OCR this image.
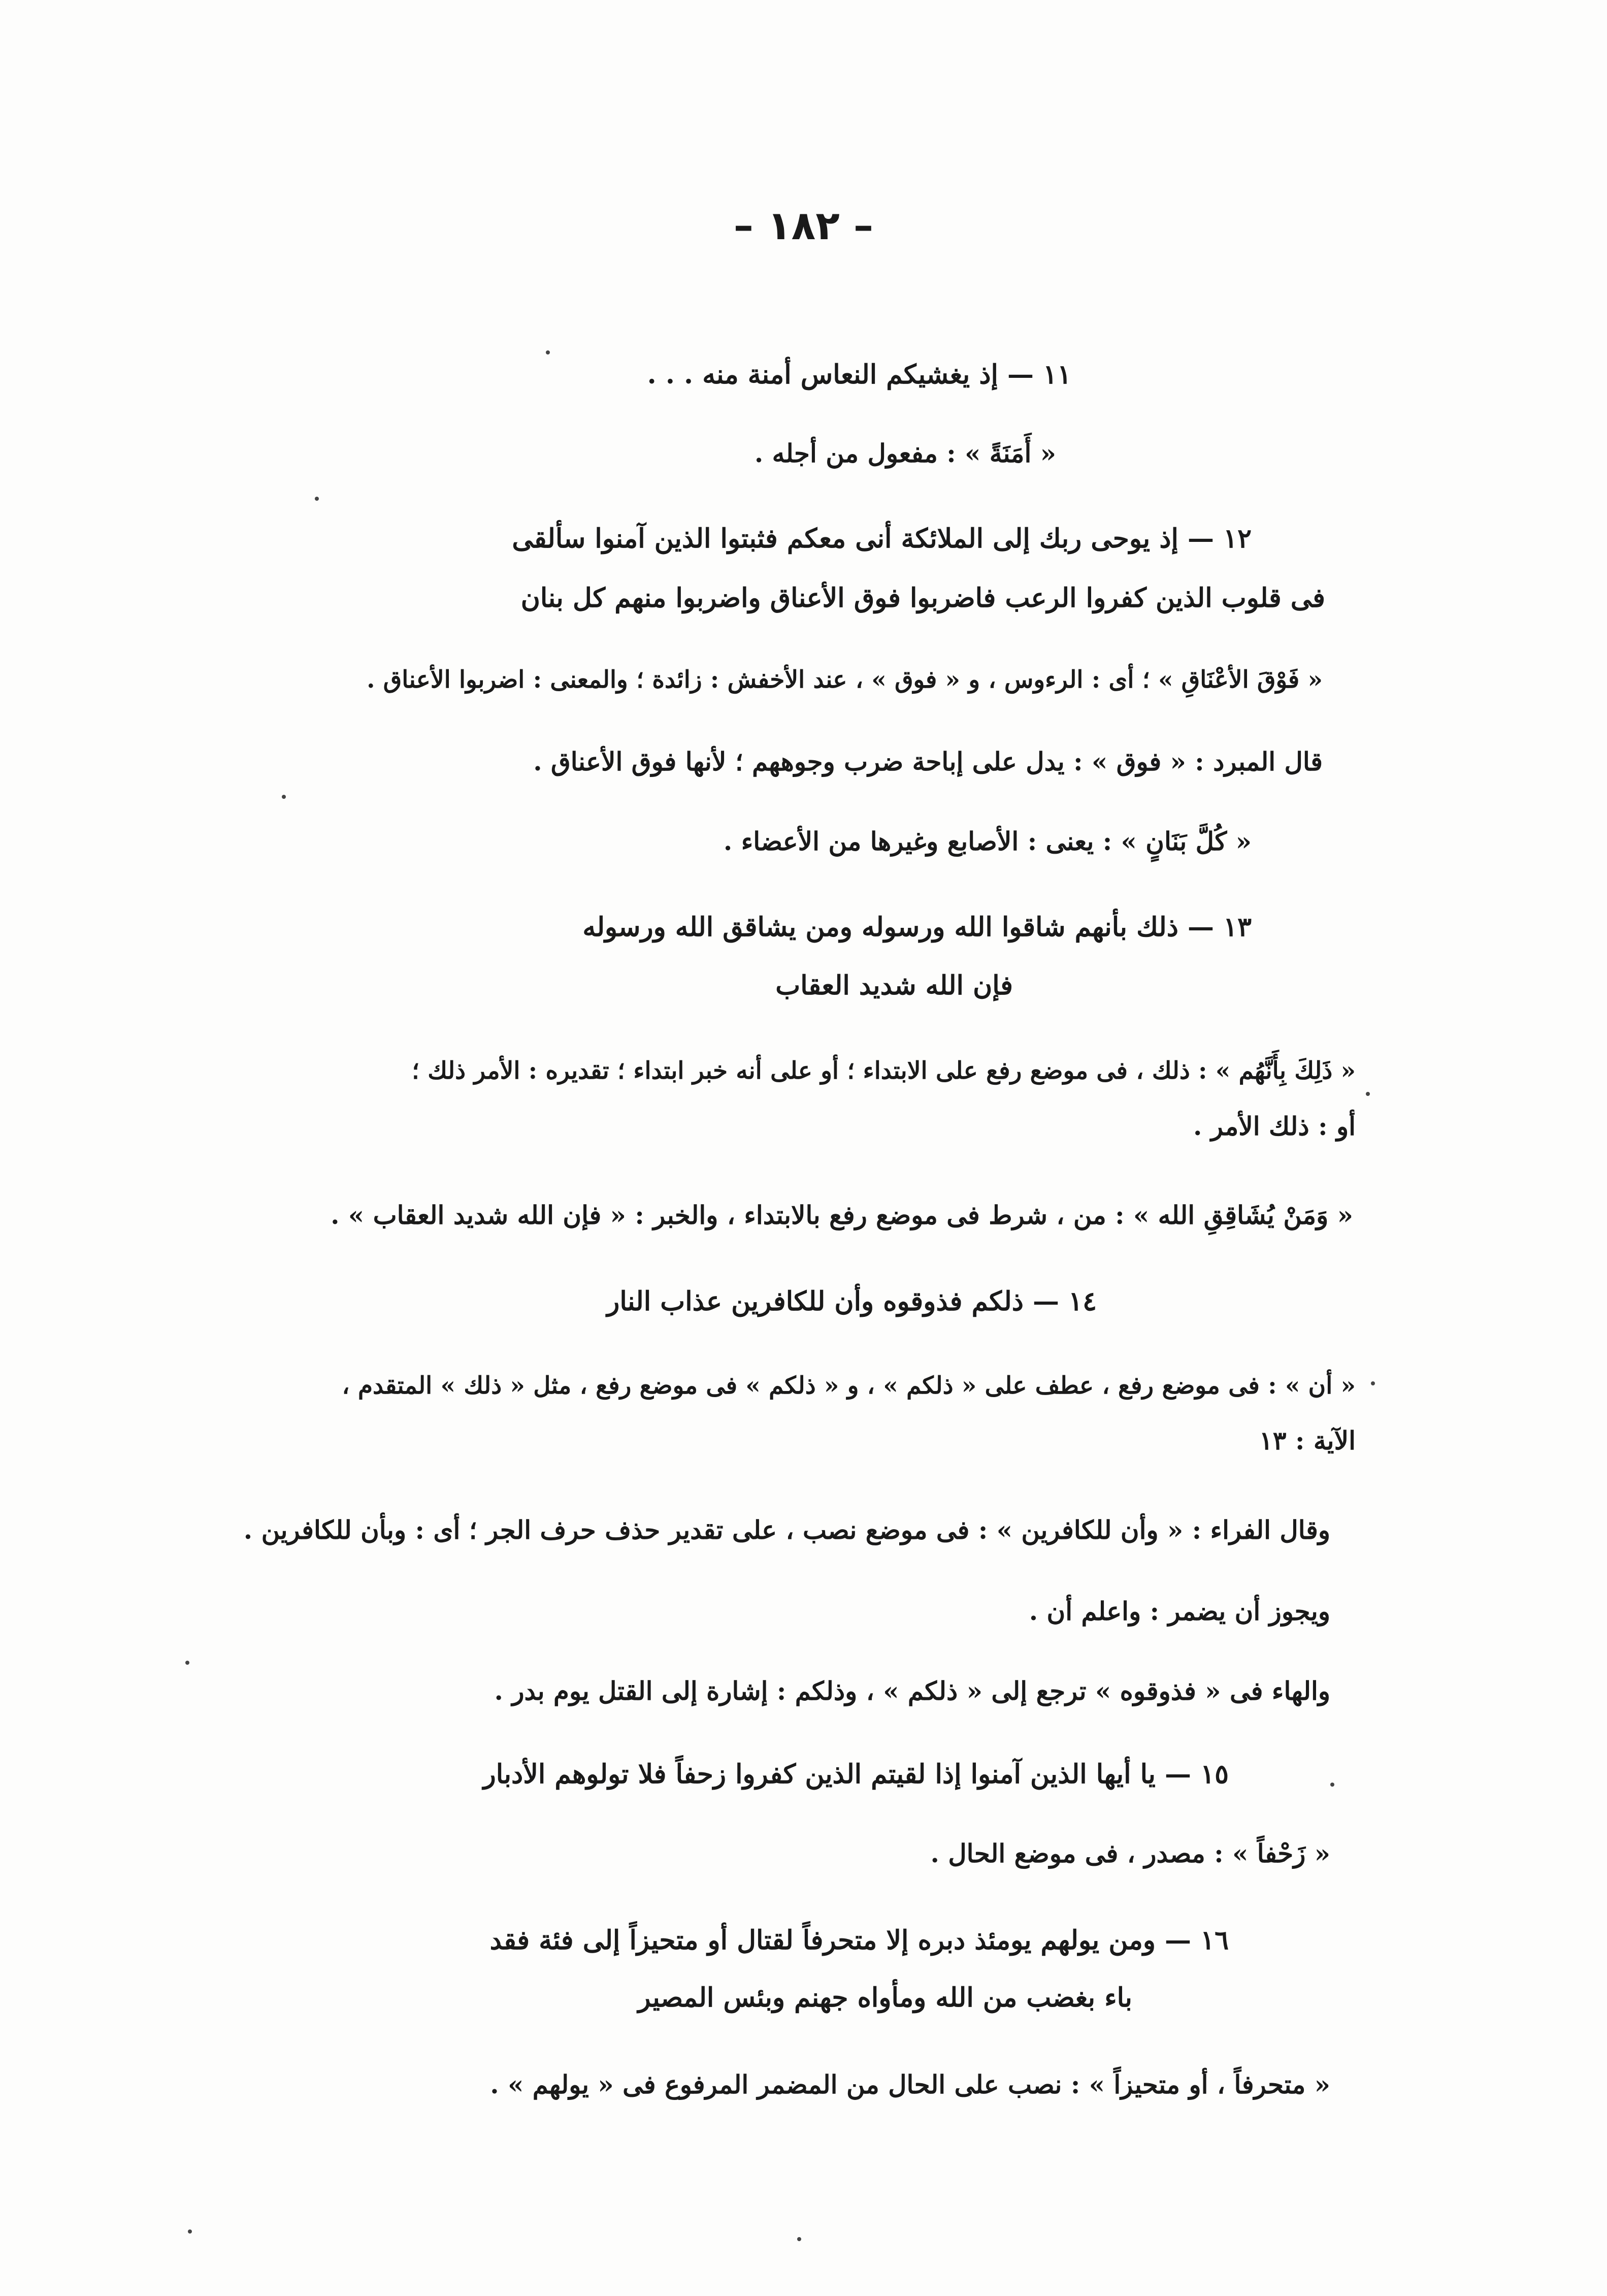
– ١٨٢ –
١١ — إذ يغشيكم النعاس أمنة منه . . .
« أَمَنَةً » : مفعول من أجله .
١٢ — إذ يوحى ربك إلى الملائكة أنى معكم فثبتوا الذين آمنوا سألقى
فى قلوب الذين كفروا الرعب فاضربوا فوق الأعناق واضربوا منهم كل بنان
« فَوْقَ الأعْنَاقِ » ؛ أى : الرءوس ، و « فوق » ، عند الأخفش : زائدة ؛ والمعنى : اضربوا الأعناق .
قال المبرد : « فوق » : يدل على إباحة ضرب وجوههم ؛ لأنها فوق الأعناق .
« كُلَّ بَنَانٍ » : يعنى : الأصابع وغيرها من الأعضاء .
١٣ — ذلك بأنهم شاقوا الله ورسوله ومن يشاقق الله ورسوله
فإن الله شديد العقاب
« ذَلِكَ بِأَنَّهُم » : ذلك ، فى موضع رفع على الابتداء ؛ أو على أنه خبر ابتداء ؛ تقديره : الأمر ذلك ؛
أو : ذلك الأمر .
« وَمَنْ يُشَاقِقِ الله » : من ، شرط فى موضع رفع بالابتداء ، والخبر : « فإن الله شديد العقاب » .
١٤ — ذلكم فذوقوه وأن للكافرين عذاب النار
« أن » : فى موضع رفع ، عطف على « ذلكم » ، و « ذلكم » فى موضع رفع ، مثل « ذلك » المتقدم ،
الآية : ١٣
وقال الفراء : « وأن للكافرين » : فى موضع نصب ، على تقدير حذف حرف الجر ؛ أى : وبأن للكافرين .
ويجوز أن يضمر : واعلم أن .
والهاء فى « فذوقوه » ترجع إلى « ذلكم » ، وذلكم : إشارة إلى القتل يوم بدر .
١٥ — يا أيها الذين آمنوا إذا لقيتم الذين كفروا زحفاً فلا تولوهم الأدبار
« زَحْفاً » : مصدر ، فى موضع الحال .
١٦ — ومن يولهم يومئذ دبره إلا متحرفاً لقتال أو متحيزاً إلى فئة فقد
باء بغضب من الله ومأواه جهنم وبئس المصير
« متحرفاً ، أو متحيزاً » : نصب على الحال من المضمر المرفوع فى « يولهم » .
